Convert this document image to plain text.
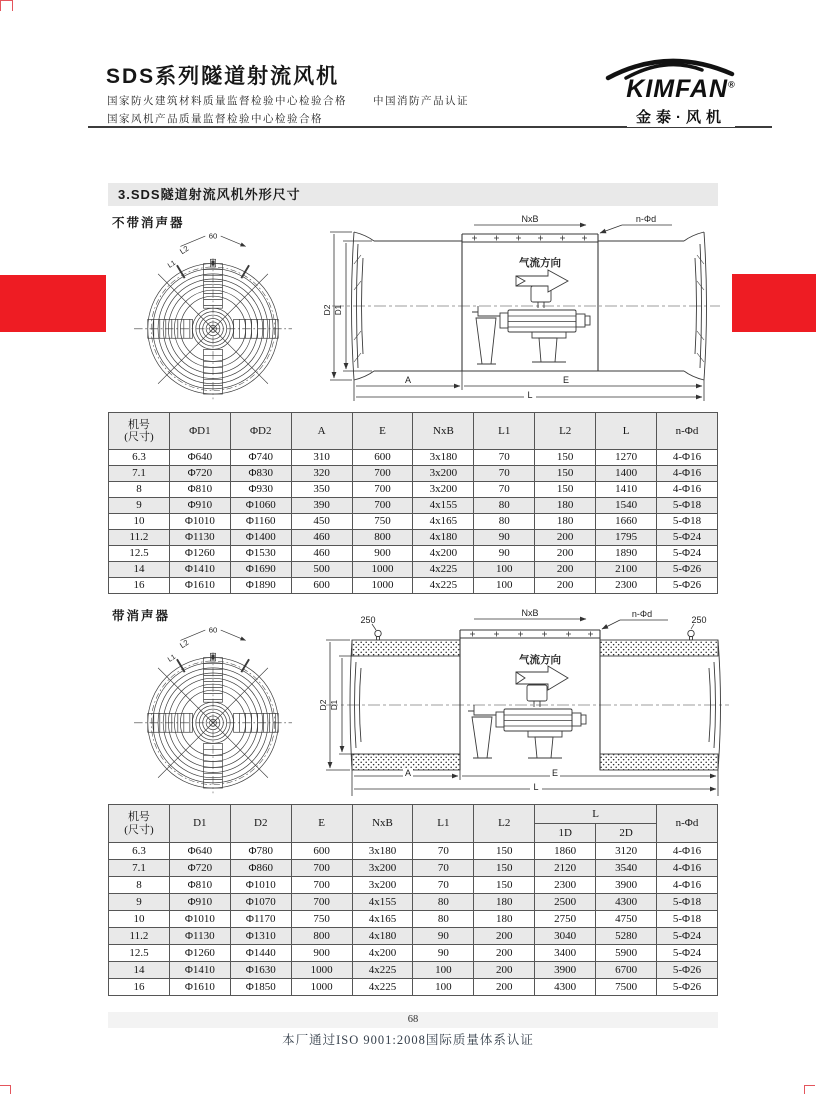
SDS系列隧道射流风机
国家防火建筑材料质量监督检验中心检验合格 中国消防产品认证
国家风机产品质量监督检验中心检验合格
KIMFAN®
金泰·风机
3.SDS隧道射流风机外形尺寸
不带消声器
60
L2
L1
NxB	n-Φd
气流方向
D2 D1
A	E
L
机号
(尺寸)	ΦD1	ΦD2	A	E	NxB	L1	L2	L	n-Φd
6.3	Φ640	Φ740	310	600	3x180	70	150	1270	4-Φ16
7.1	Φ720	Φ830	320	700	3x200	70	150	1400	4-Φ16
8	Φ810	Φ930	350	700	3x200	70	150	1410	4-Φ16
9	Φ910	Φ1060	390	700	4x155	80	180	1540	5-Φ18
10	Φ1010	Φ1160	450	750	4x165	80	180	1660	5-Φ18
11.2	Φ1130	Φ1400	460	800	4x180	90	200	1795	5-Φ24
12.5	Φ1260	Φ1530	460	900	4x200	90	200	1890	5-Φ24
14	Φ1410	Φ1690	500	1000	4x225	100	200	2100	5-Φ26
16	Φ1610	Φ1890	600	1000	4x225	100	200	2300	5-Φ26
带消声器
60
L2
L1
250	250
NxB	n-Φd
气流方向
D2 D1
A	E
L
机号
(尺寸)	D1	D2	E	NxB	L1	L2	L		n-Φd
							1D	2D	
6.3	Φ640	Φ780	600	3x180	70	150	1860	3120	4-Φ16
7.1	Φ720	Φ860	700	3x200	70	150	2120	3540	4-Φ16
8	Φ810	Φ1010	700	3x200	70	150	2300	3900	4-Φ16
9	Φ910	Φ1070	700	4x155	80	180	2500	4300	5-Φ18
10	Φ1010	Φ1170	750	4x165	80	180	2750	4750	5-Φ18
11.2	Φ1130	Φ1310	800	4x180	90	200	3040	5280	5-Φ24
12.5	Φ1260	Φ1440	900	4x200	90	200	3400	5900	5-Φ24
14	Φ1410	Φ1630	1000	4x225	100	200	3900	6700	5-Φ26
16	Φ1610	Φ1850	1000	4x225	100	200	4300	7500	5-Φ26
68
本厂通过ISO 9001:2008国际质量体系认证
